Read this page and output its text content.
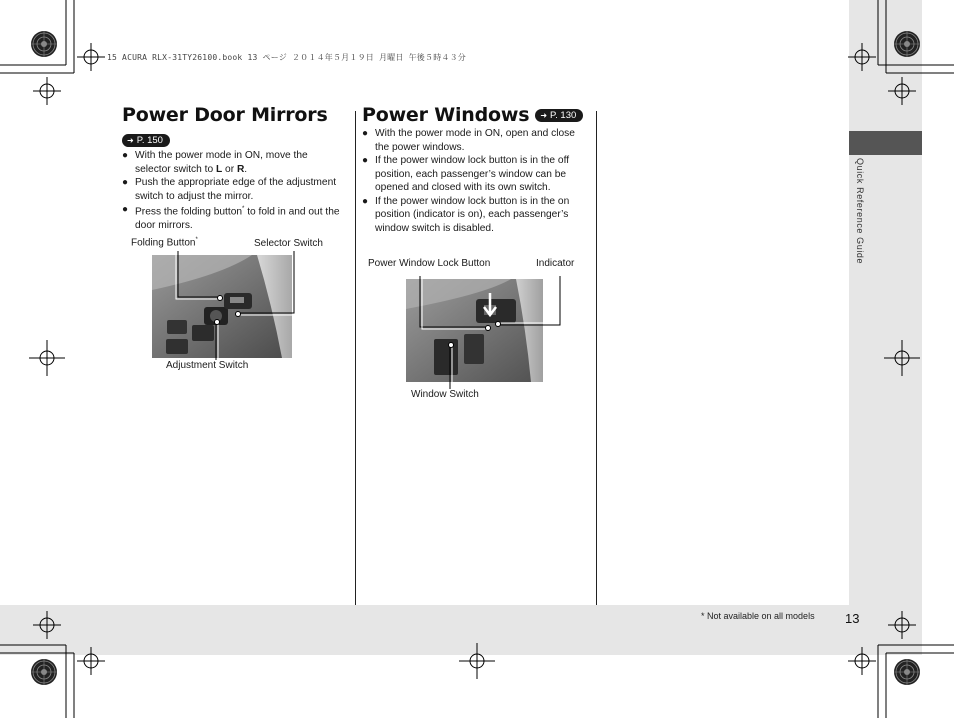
Quick Reference Guide
15 ACURA RLX-31TY26100.book 13 ページ ２０１４年５月１９日 月曜日 午後５時４３分
Power Door Mirrors
➜ P. 150
● With the power mode in ON, move the selector switch to L or R.
● Push the appropriate edge of the adjustment switch to adjust the mirror.
● Press the folding button* to fold in and out the door mirrors.
Folding Button*	Selector Switch
Adjustment Switch
Power Windows ➜ P. 130
● With the power mode in ON, open and close the power windows.
● If the power window lock button is in the off position, each passenger’s window can be opened and closed with its own switch.
● If the power window lock button is in the on position (indicator is on), each passenger’s window switch is disabled.
Power Window Lock Button	Indicator
Window Switch
* Not available on all models 13
